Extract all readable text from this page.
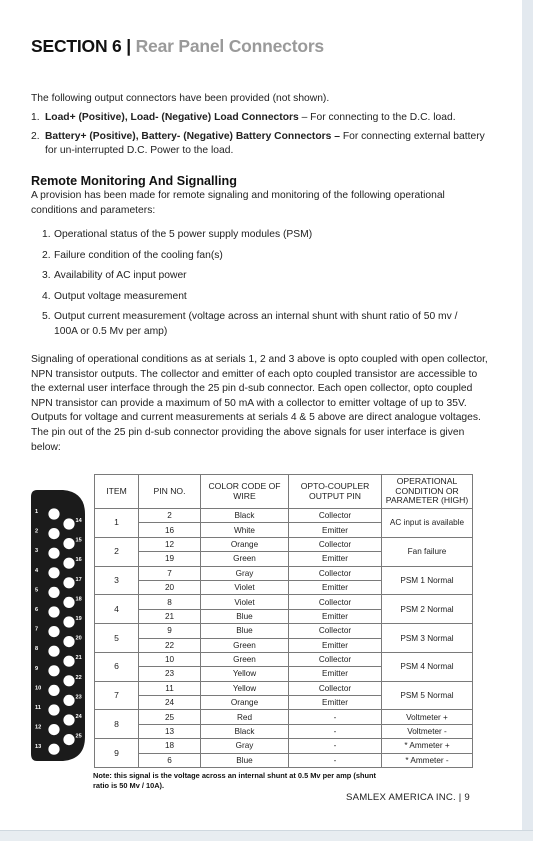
SECTION 6 | Rear Panel Connectors
The following output connectors have been provided (not shown).
1. Load+ (Positive), Load- (Negative) Load Connectors – For connecting to the D.C. load.
2. Battery+ (Positive), Battery- (Negative) Battery Connectors – For connecting external battery for un-interrupted D.C. Power to the load.
Remote Monitoring And Signalling
A provision has been made for remote signaling and monitoring of the following operational conditions and parameters:
1. Operational status of the 5 power supply modules (PSM)
2. Failure condition of the cooling fan(s)
3. Availability of AC input power
4. Output voltage measurement
5. Output current measurement (voltage across an internal shunt with shunt ratio of 50 mv / 100A or 0.5 Mv per amp)
Signaling of operational conditions as at serials 1, 2 and 3 above is opto coupled with open collector, NPN transistor outputs. The collector and emitter of each opto coupled transistor are accessible to the external user interface through the 25 pin d-sub connector. Each open collector, opto coupled NPN transistor can provide a maximum of 50 mA with a collector to emitter voltage of up to 35V. Outputs for voltage and current measurements at serials 4 & 5 above are direct analogue voltages. The pin out of the 25 pin d-sub connector providing the above signals for user interface is given below:
1
2
3
4
5
6
7
8
9
10
11
12
13
14
15
16
17
18
19
20
21
22
23
24
25
ITEM	PIN NO.	COLOR CODE OF WIRE	OPTO-COUPLER OUTPUT PIN	OPERATIONAL CONDITION OR PARAMETER (HIGH)
1	2	Black	Collector	AC input is available
	16	White	Emitter	
2	12	Orange	Collector	Fan failure
	19	Green	Emitter	
3	7	Gray	Collector	PSM 1 Normal
	20	Violet	Emitter	
4	8	Violet	Collector	PSM 2 Normal
	21	Blue	Emitter	
5	9	Blue	Collector	PSM 3 Normal
	22	Green	Emitter	
6	10	Green	Collector	PSM 4 Normal
	23	Yellow	Emitter	
7	11	Yellow	Collector	PSM 5 Normal
	24	Orange	Emitter	
8	25	Red	-	Voltmeter +
	13	Black	-	Voltmeter -
9	18	Gray	-	* Ammeter +
	6	Blue	-	* Ammeter -
Note: this signal is the voltage across an internal shunt at 0.5 Mv per amp (shunt ratio is 50 Mv / 10A).
SAMLEX AMERICA INC. | 9
